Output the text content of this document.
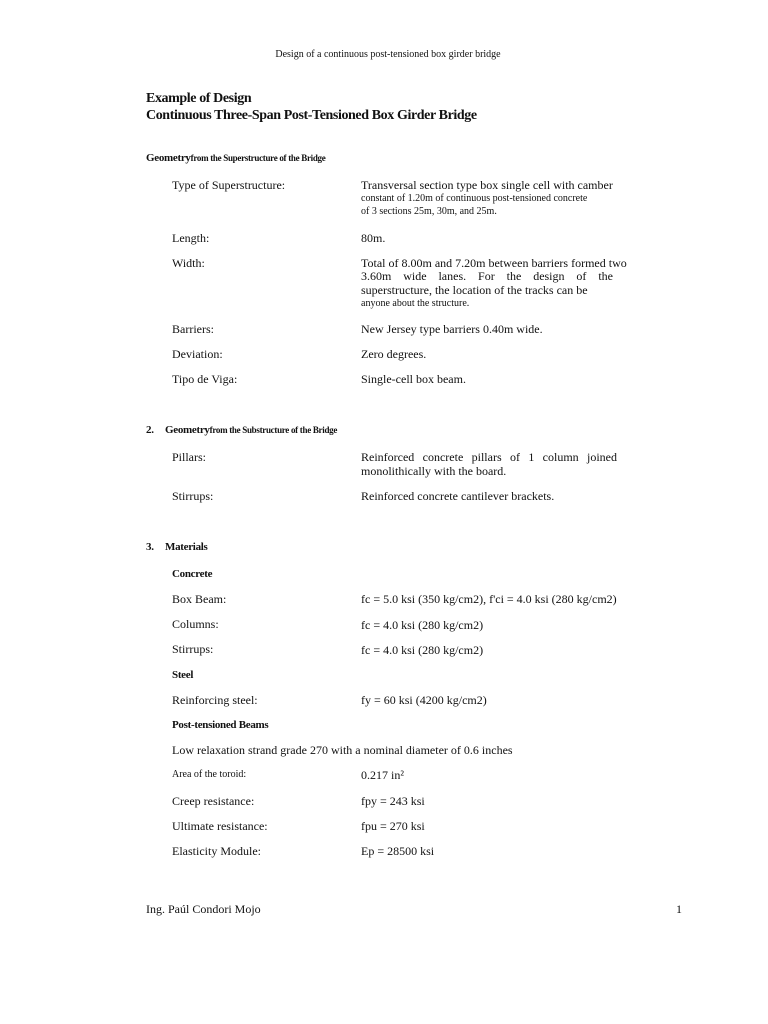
Design of a continuous post-tensioned box girder bridge
Example of Design
Continuous Three-Span Post-Tensioned Box Girder Bridge
Geometryfrom the Superstructure of the Bridge
Type of Superstructure:	Transversal section type box single cell with camber
constant of 1.20m of continuous post-tensioned concrete
of 3 sections 25m, 30m, and 25m.
Length:	80m.
Width:	Total of 8.00m and 7.20m between barriers formed two
3.60m wide lanes. For the design of the
superstructure, the location of the tracks can be
anyone about the structure.
Barriers:	New Jersey type barriers 0.40m wide.
Deviation:	Zero degrees.
Tipo de Viga:	Single-cell box beam.
2. Geometryfrom the Substructure of the Bridge
Pillars:	Reinforced concrete pillars of 1 column joined
monolithically with the board.
Stirrups:	Reinforced concrete cantilever brackets.
3. Materials
Concrete
Box Beam:	fc = 5.0 ksi (350 kg/cm2), f'ci = 4.0 ksi (280 kg/cm2)
Columns:	fc = 4.0 ksi (280 kg/cm2)
Stirrups:	fc = 4.0 ksi (280 kg/cm2)
Steel
Reinforcing steel:	fy = 60 ksi (4200 kg/cm2)
Post-tensioned Beams
Low relaxation strand grade 270 with a nominal diameter of 0.6 inches
Area of the toroid:	0.217 in²
Creep resistance:	fpy = 243 ksi
Ultimate resistance:	fpu = 270 ksi
Elasticity Module:	Ep = 28500 ksi
Ing. Paúl Condori Mojo	1
